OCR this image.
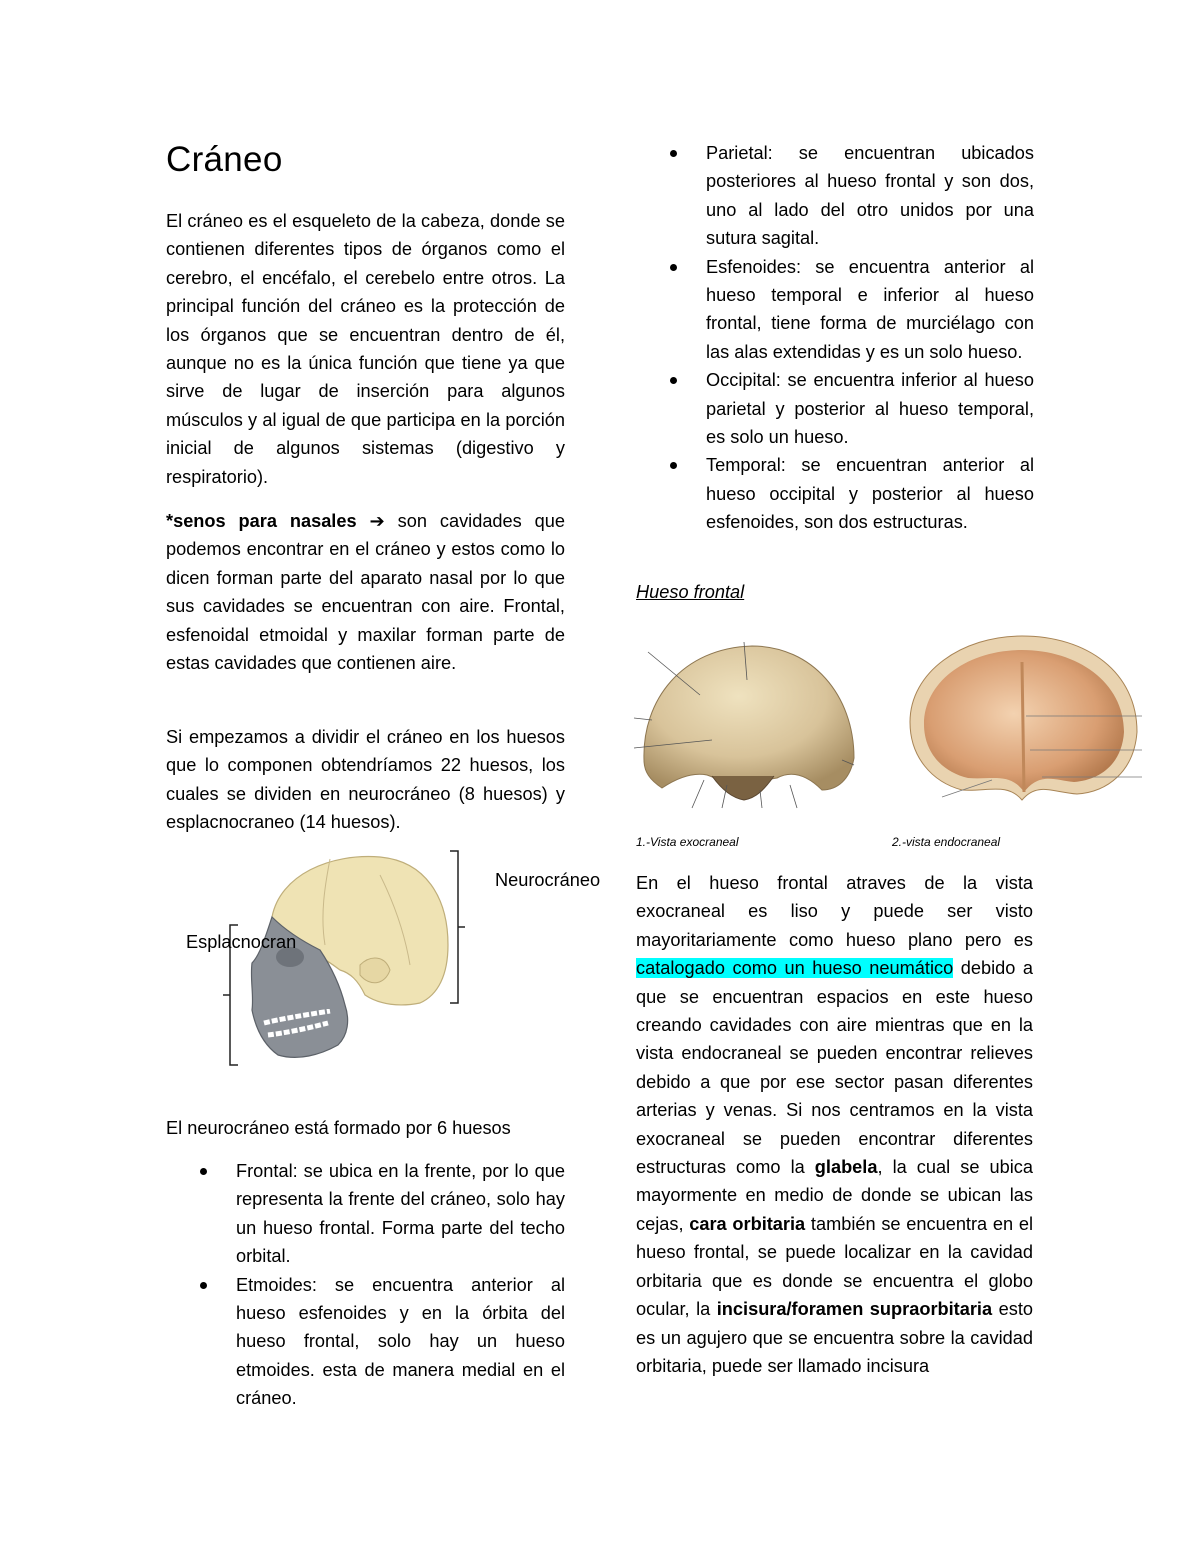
Cráneo

El cráneo es el esqueleto de la cabeza, donde se contienen diferentes tipos de órganos como el cerebro, el encéfalo, el cerebelo entre otros. La principal función del cráneo es la protección de los órganos que se encuentran dentro de él, aunque no es la única función que tiene ya que sirve de lugar de inserción para algunos músculos y al igual de que participa en la porción inicial de algunos sistemas (digestivo y respiratorio).

*senos para nasales ➔ son cavidades que podemos encontrar en el cráneo y estos como lo dicen forman parte del aparato nasal por lo que sus cavidades se encuentran con aire. Frontal, esfenoidal etmoidal y maxilar forman parte de estas cavidades que contienen aire.

Si empezamos a dividir el cráneo en los huesos que lo componen obtendríamos 22 huesos, los cuales se dividen en neurocráneo (8 huesos) y esplacnocraneo (14 huesos).

Neurocráneo
Esplacnocran

El neurocráneo está formado por 6 huesos

Frontal: se ubica en la frente, por lo que representa la frente del cráneo, solo hay un hueso frontal. Forma parte del techo orbital.
Etmoides: se encuentra anterior al hueso esfenoides y en la órbita del hueso frontal, solo hay un hueso etmoides. esta de manera medial en el cráneo.
Parietal: se encuentran ubicados posteriores al hueso frontal y son dos, uno al lado del otro unidos por una sutura sagital.
Esfenoides: se encuentra anterior al hueso temporal e inferior al hueso frontal, tiene forma de murciélago con las alas extendidas y es un solo hueso.
Occipital: se encuentra inferior al hueso parietal y posterior al hueso temporal, es solo un hueso.
Temporal: se encuentran anterior al hueso occipital y posterior al hueso esfenoides, son dos estructuras.

Hueso frontal

1.-Vista exocraneal	2.-vista endocraneal

En el hueso frontal atraves de la vista exocraneal es liso y puede ser visto mayoritariamente como hueso plano pero es catalogado como un hueso neumático debido a que se encuentran espacios en este hueso creando cavidades con aire mientras que en la vista endocraneal se pueden encontrar relieves debido a que por ese sector pasan diferentes arterias y venas. Si nos centramos en la vista exocraneal se pueden encontrar diferentes estructuras como la glabela, la cual se ubica mayormente en medio de donde se ubican las cejas, cara orbitaria también se encuentra en el hueso frontal, se puede localizar en la cavidad orbitaria que es donde se encuentra el globo ocular, la incisura/foramen supraorbitaria esto es un agujero que se encuentra sobre la cavidad orbitaria, puede ser llamado incisura
